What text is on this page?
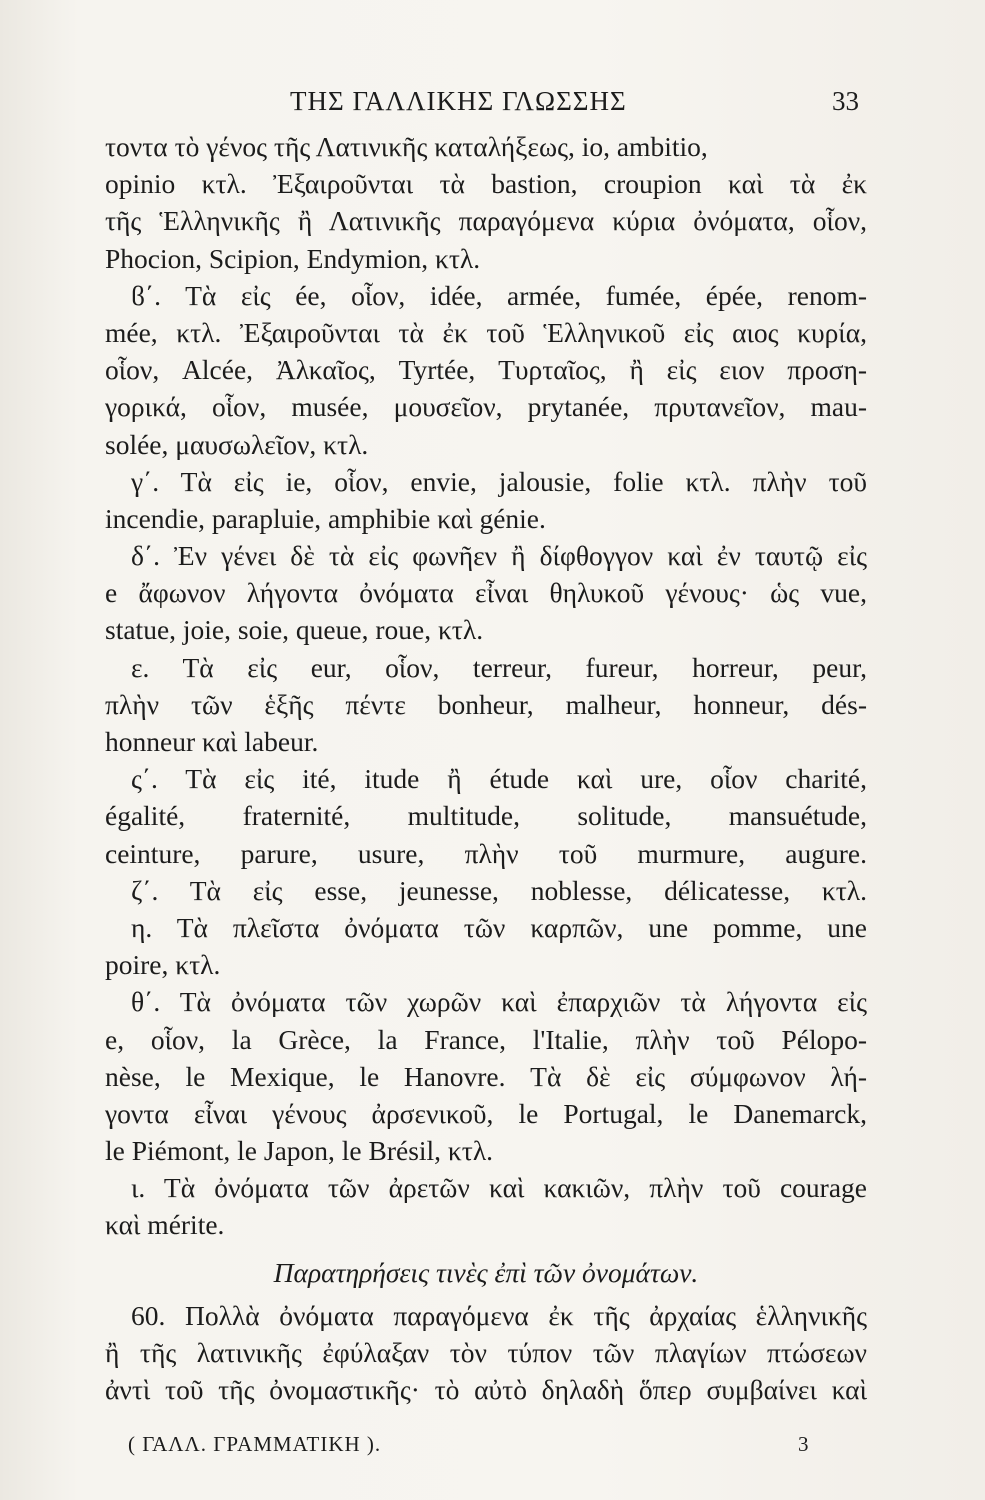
ΤΗΣ ΓΑΛΛΙΚΗΣ ΓΛΩΣΣΗΣ	33
τοντα τὸ γένος τῆς Λατινικῆς καταλήξεως, io, ambitio,
opinio κτλ. Ἐξαιροῦνται τὰ bastion, croupion καὶ τὰ ἐκ
τῆς Ἑλληνικῆς ἢ Λατινικῆς παραγόμενα κύρια ὀνόματα, οἷον,
Phocion, Scipion, Endymion, κτλ.
ϐ΄. Τὰ εἰς ée, οἷον, idée, armée, fumée, épée, renom-
mée, κτλ. Ἐξαιροῦνται τὰ ἐκ τοῦ Ἑλληνικοῦ εἰς αιος κυρία,
οἷον, Alcée, Ἀλκαῖος, Tyrtée, Τυρταῖος, ἢ εἰς ειον προση-
γορικά, οἷον, musée, μουσεῖον, prytanée, πρυτανεῖον, mau-
solée, μαυσωλεῖον, κτλ.
γ΄. Τὰ εἰς ie, οἷον, envie, jalousie, folie κτλ. πλὴν τοῦ
incendie, parapluie, amphibie καὶ génie.
δ΄. Ἐν γένει δὲ τὰ εἰς φωνῆεν ἢ δίφθογγον καὶ ἐν ταυτῷ εἰς
e ἄφωνον λήγοντα ὀνόματα εἶναι θηλυκοῦ γένους· ὡς vue,
statue, joie, soie, queue, roue, κτλ.
ε. Τὰ εἰς eur, οἷον, terreur, fureur, horreur, peur,
πλὴν τῶν ἑξῆς πέντε bonheur, malheur, honneur, dés-
honneur καὶ labeur.
ς΄. Τὰ εἰς ité, itude ἢ étude καὶ ure, οἷον charité,
égalité, fraternité, multitude, solitude, mansuétude,
ceinture, parure, usure, πλὴν τοῦ murmure, augure.
ζ΄. Τὰ εἰς esse, jeunesse, noblesse, délicatesse, κτλ.
η. Τὰ πλεῖστα ὀνόματα τῶν καρπῶν, une pomme, une
poire, κτλ.
θ΄. Τὰ ὀνόματα τῶν χωρῶν καὶ ἐπαρχιῶν τὰ λήγοντα εἰς
e, οἷον, la Grèce, la France, l'Italie, πλὴν τοῦ Pélopo-
nèse, le Mexique, le Hanovre. Τὰ δὲ εἰς σύμφωνον λή-
γοντα εἶναι γένους ἀρσενικοῦ, le Portugal, le Danemarck,
le Piémont, le Japon, le Brésil, κτλ.
ι. Τὰ ὀνόματα τῶν ἀρετῶν καὶ κακιῶν, πλὴν τοῦ courage
καὶ mérite.
Παρατηρήσεις τινὲς ἐπὶ τῶν ὀνομάτων.
60. Πολλὰ ὀνόματα παραγόμενα ἐκ τῆς ἀρχαίας ἑλληνικῆς
ἢ τῆς λατινικῆς ἐφύλαξαν τὸν τύπον τῶν πλαγίων πτώσεων
ἀντὶ τοῦ τῆς ὀνομαστικῆς· τὸ αὐτὸ δηλαδὴ ὅπερ συμβαίνει καὶ
( ΓΑΛΛ. ΓΡΑΜΜΑΤΙΚΗ ).	3
